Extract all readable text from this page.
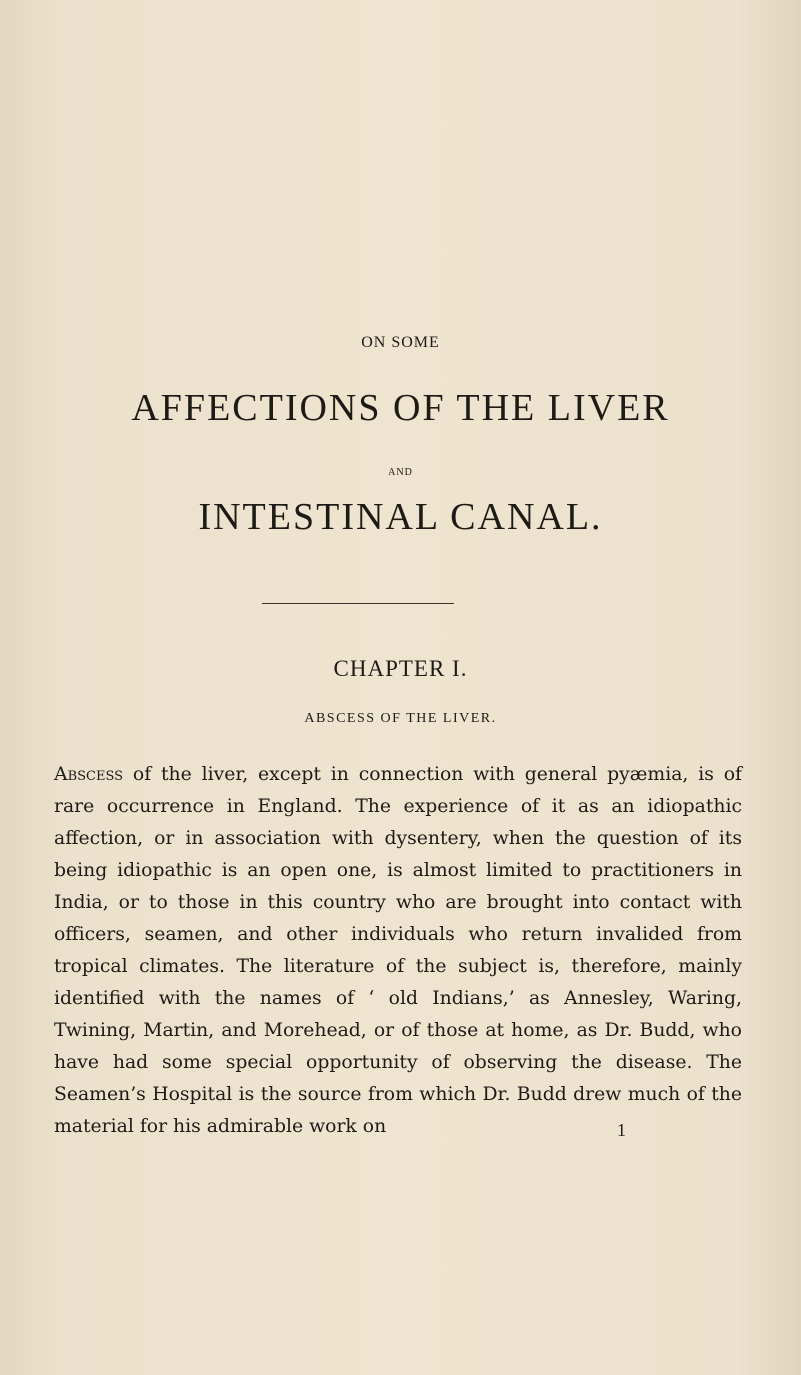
ON SOME
AFFECTIONS OF THE LIVER
AND
INTESTINAL CANAL.
CHAPTER I.
ABSCESS OF THE LIVER.

Abscess of the liver, except in connection with general pyæmia, is of rare occurrence in England. The experience of it as an idiopathic affection, or in association with dysentery, when the question of its being idiopathic is an open one, is almost limited to practitioners in India, or to those in this country who are brought into contact with officers, seamen, and other individuals who return invalided from tropical climates. The literature of the subject is, therefore, mainly identified with the names of ‘ old Indians,’ as Annesley, Waring, Twining, Martin, and Morehead, or of those at home, as Dr. Budd, who have had some special opportunity of observing the disease. The Seamen’s Hospital is the source from which Dr. Budd drew much of the material for his admirable work on	1
